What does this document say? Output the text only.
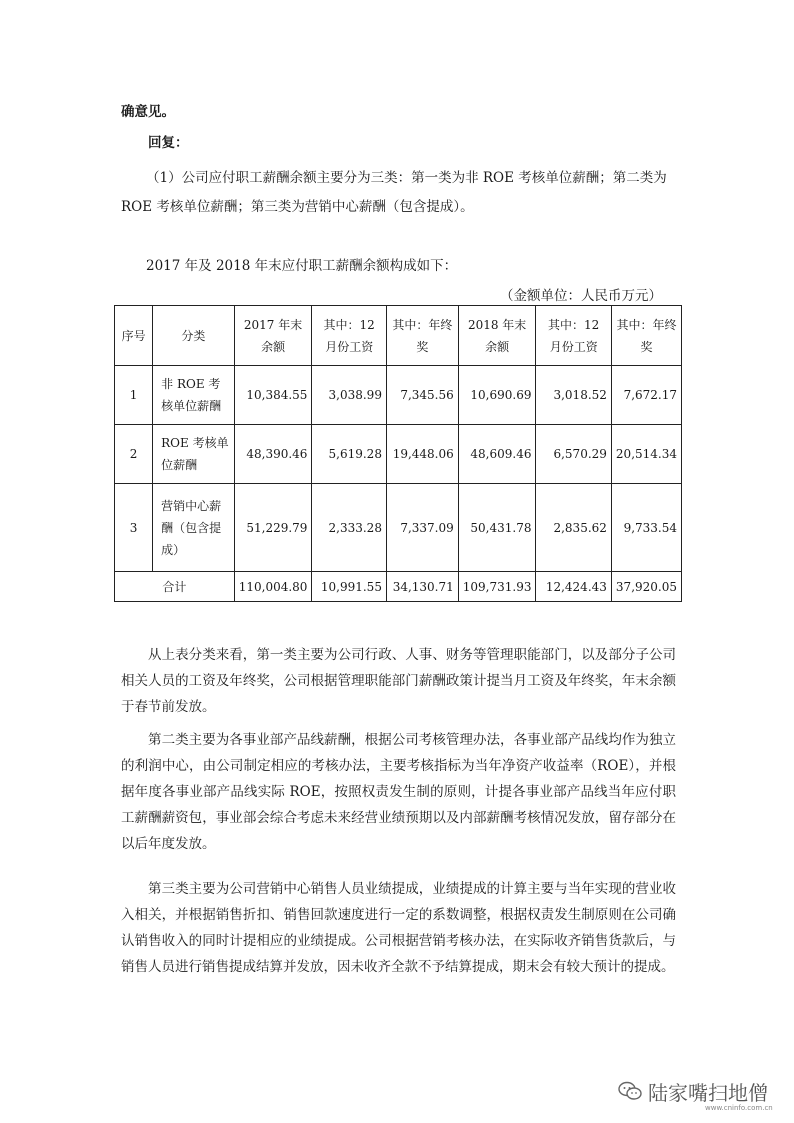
确意见。

回复：

（1）公司应付职工薪酬余额主要分为三类：第一类为非 ROE 考核单位薪酬；第二类为

ROE 考核单位薪酬；第三类为营销中心薪酬（包含提成）。

2017 年及 2018 年末应付职工薪酬余额构成如下：

（金额单位：人民币万元）
序号	分类	2017 年末余额	其中：12 月份工资	其中：年终奖	2018 年末余额	其中：12 月份工资	其中：年终奖
1	非 ROE 考核单位薪酬	10,384.55	3,038.99	7,345.56	10,690.69	3,018.52	7,672.17
2	ROE 考核单位薪酬	48,390.46	5,619.28	19,448.06	48,609.46	6,570.29	20,514.34
3	营销中心薪酬（包含提成）	51,229.79	2,333.28	7,337.09	50,431.78	2,835.62	9,733.54
合计		110,004.80	10,991.55	34,130.71	109,731.93	12,424.43	37,920.05

从上表分类来看，第一类主要为公司行政、人事、财务等管理职能部门，以及部分子公司相关人员的工资及年终奖，公司根据管理职能部门薪酬政策计提当月工资及年终奖，年末余额于春节前发放。

第二类主要为各事业部产品线薪酬，根据公司考核管理办法，各事业部产品线均作为独立的利润中心，由公司制定相应的考核办法，主要考核指标为当年净资产收益率（ROE），并根据年度各事业部产品线实际 ROE，按照权责发生制的原则，计提各事业部产品线当年应付职工薪酬薪资包，事业部会综合考虑未来经营业绩预期以及内部薪酬考核情况发放，留存部分在以后年度发放。

第三类主要为公司营销中心销售人员业绩提成，业绩提成的计算主要与当年实现的营业收入相关，并根据销售折扣、销售回款速度进行一定的系数调整，根据权责发生制原则在公司确认销售收入的同时计提相应的业绩提成。公司根据营销考核办法，在实际收齐销售货款后，与销售人员进行销售提成结算并发放，因未收齐全款不予结算提成，期末会有较大预计的提成。

陆家嘴扫地僧
www.cninfo.com.cn
